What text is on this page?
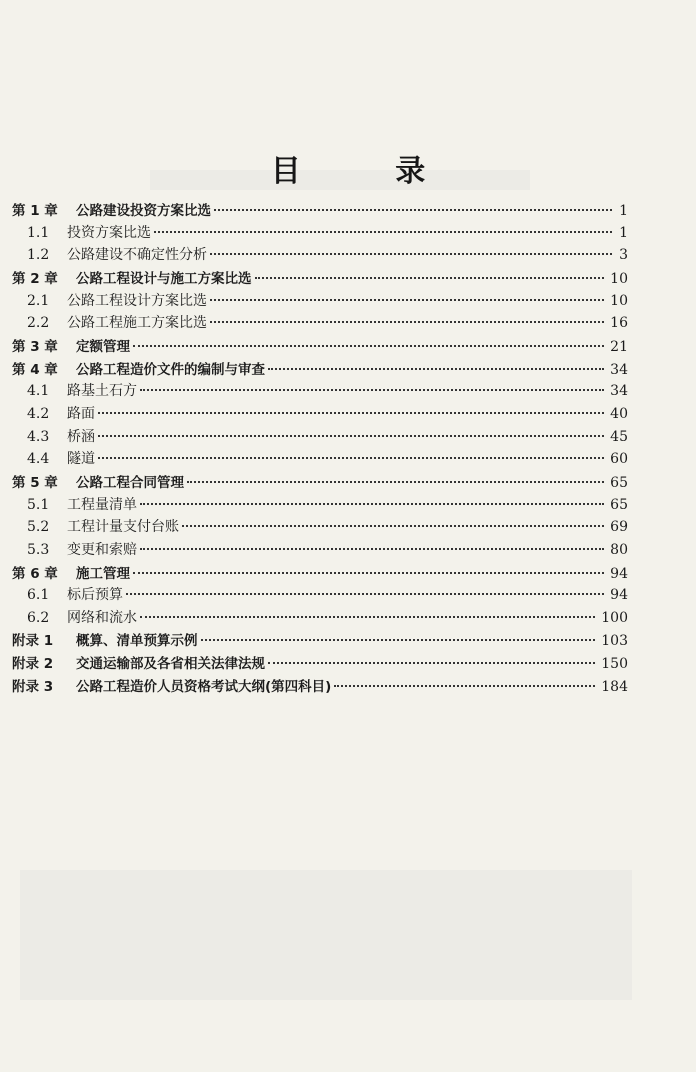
目 录
第 1 章	公路建设投资方案比选	1
1.1	投资方案比选	1
1.2	公路建设不确定性分析	3
第 2 章	公路工程设计与施工方案比选	10
2.1	公路工程设计方案比选	10
2.2	公路工程施工方案比选	16
第 3 章	定额管理	21
第 4 章	公路工程造价文件的编制与审查	34
4.1	路基土石方	34
4.2	路面	40
4.3	桥涵	45
4.4	隧道	60
第 5 章	公路工程合同管理	65
5.1	工程量清单	65
5.2	工程计量支付台账	69
5.3	变更和索赔	80
第 6 章	施工管理	94
6.1	标后预算	94
6.2	网络和流水	100
附录 1	概算、清单预算示例	103
附录 2	交通运输部及各省相关法律法规	150
附录 3	公路工程造价人员资格考试大纲(第四科目)	184
